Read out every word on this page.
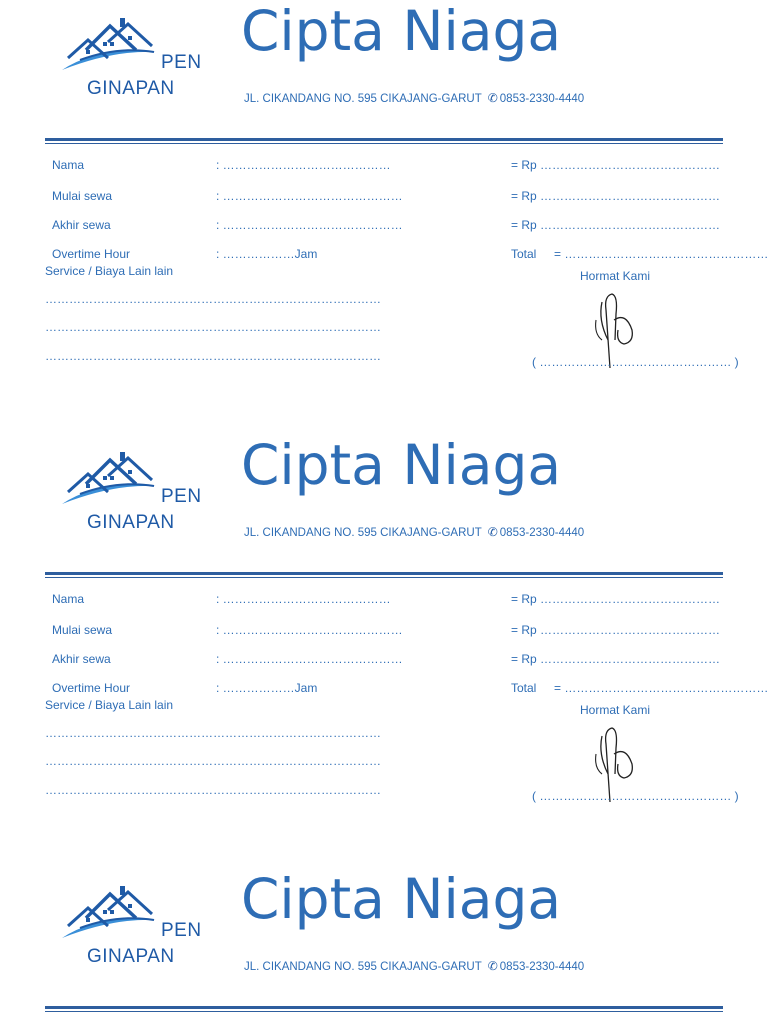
PEN
GINAPAN
Cipta Niaga
JL. CIKANDANG NO. 595 CIKAJANG-GARUT ✆ 0853-2330-4440
Nama	: ……………………………………	= Rp ………………………………………
Mulai sewa	: ………………………………………	= Rp ………………………………………
Akhir sewa	: ………………………………………	= Rp ………………………………………
Overtime Hour	: ………………Jam	Total = ……………………………………………
Service / Biaya Lain lain	Hormat Kami
…………………………………………………………………………
…………………………………………………………………………
…………………………………………………………………………	( ………………………………………… )
PEN
GINAPAN
Cipta Niaga
JL. CIKANDANG NO. 595 CIKAJANG-GARUT ✆ 0853-2330-4440
Nama	: ……………………………………	= Rp ………………………………………
Mulai sewa	: ………………………………………	= Rp ………………………………………
Akhir sewa	: ………………………………………	= Rp ………………………………………
Overtime Hour	: ………………Jam	Total = ……………………………………………
Service / Biaya Lain lain	Hormat Kami
…………………………………………………………………………
…………………………………………………………………………
…………………………………………………………………………	( ………………………………………… )
PEN
GINAPAN
Cipta Niaga
JL. CIKANDANG NO. 595 CIKAJANG-GARUT ✆ 0853-2330-4440
